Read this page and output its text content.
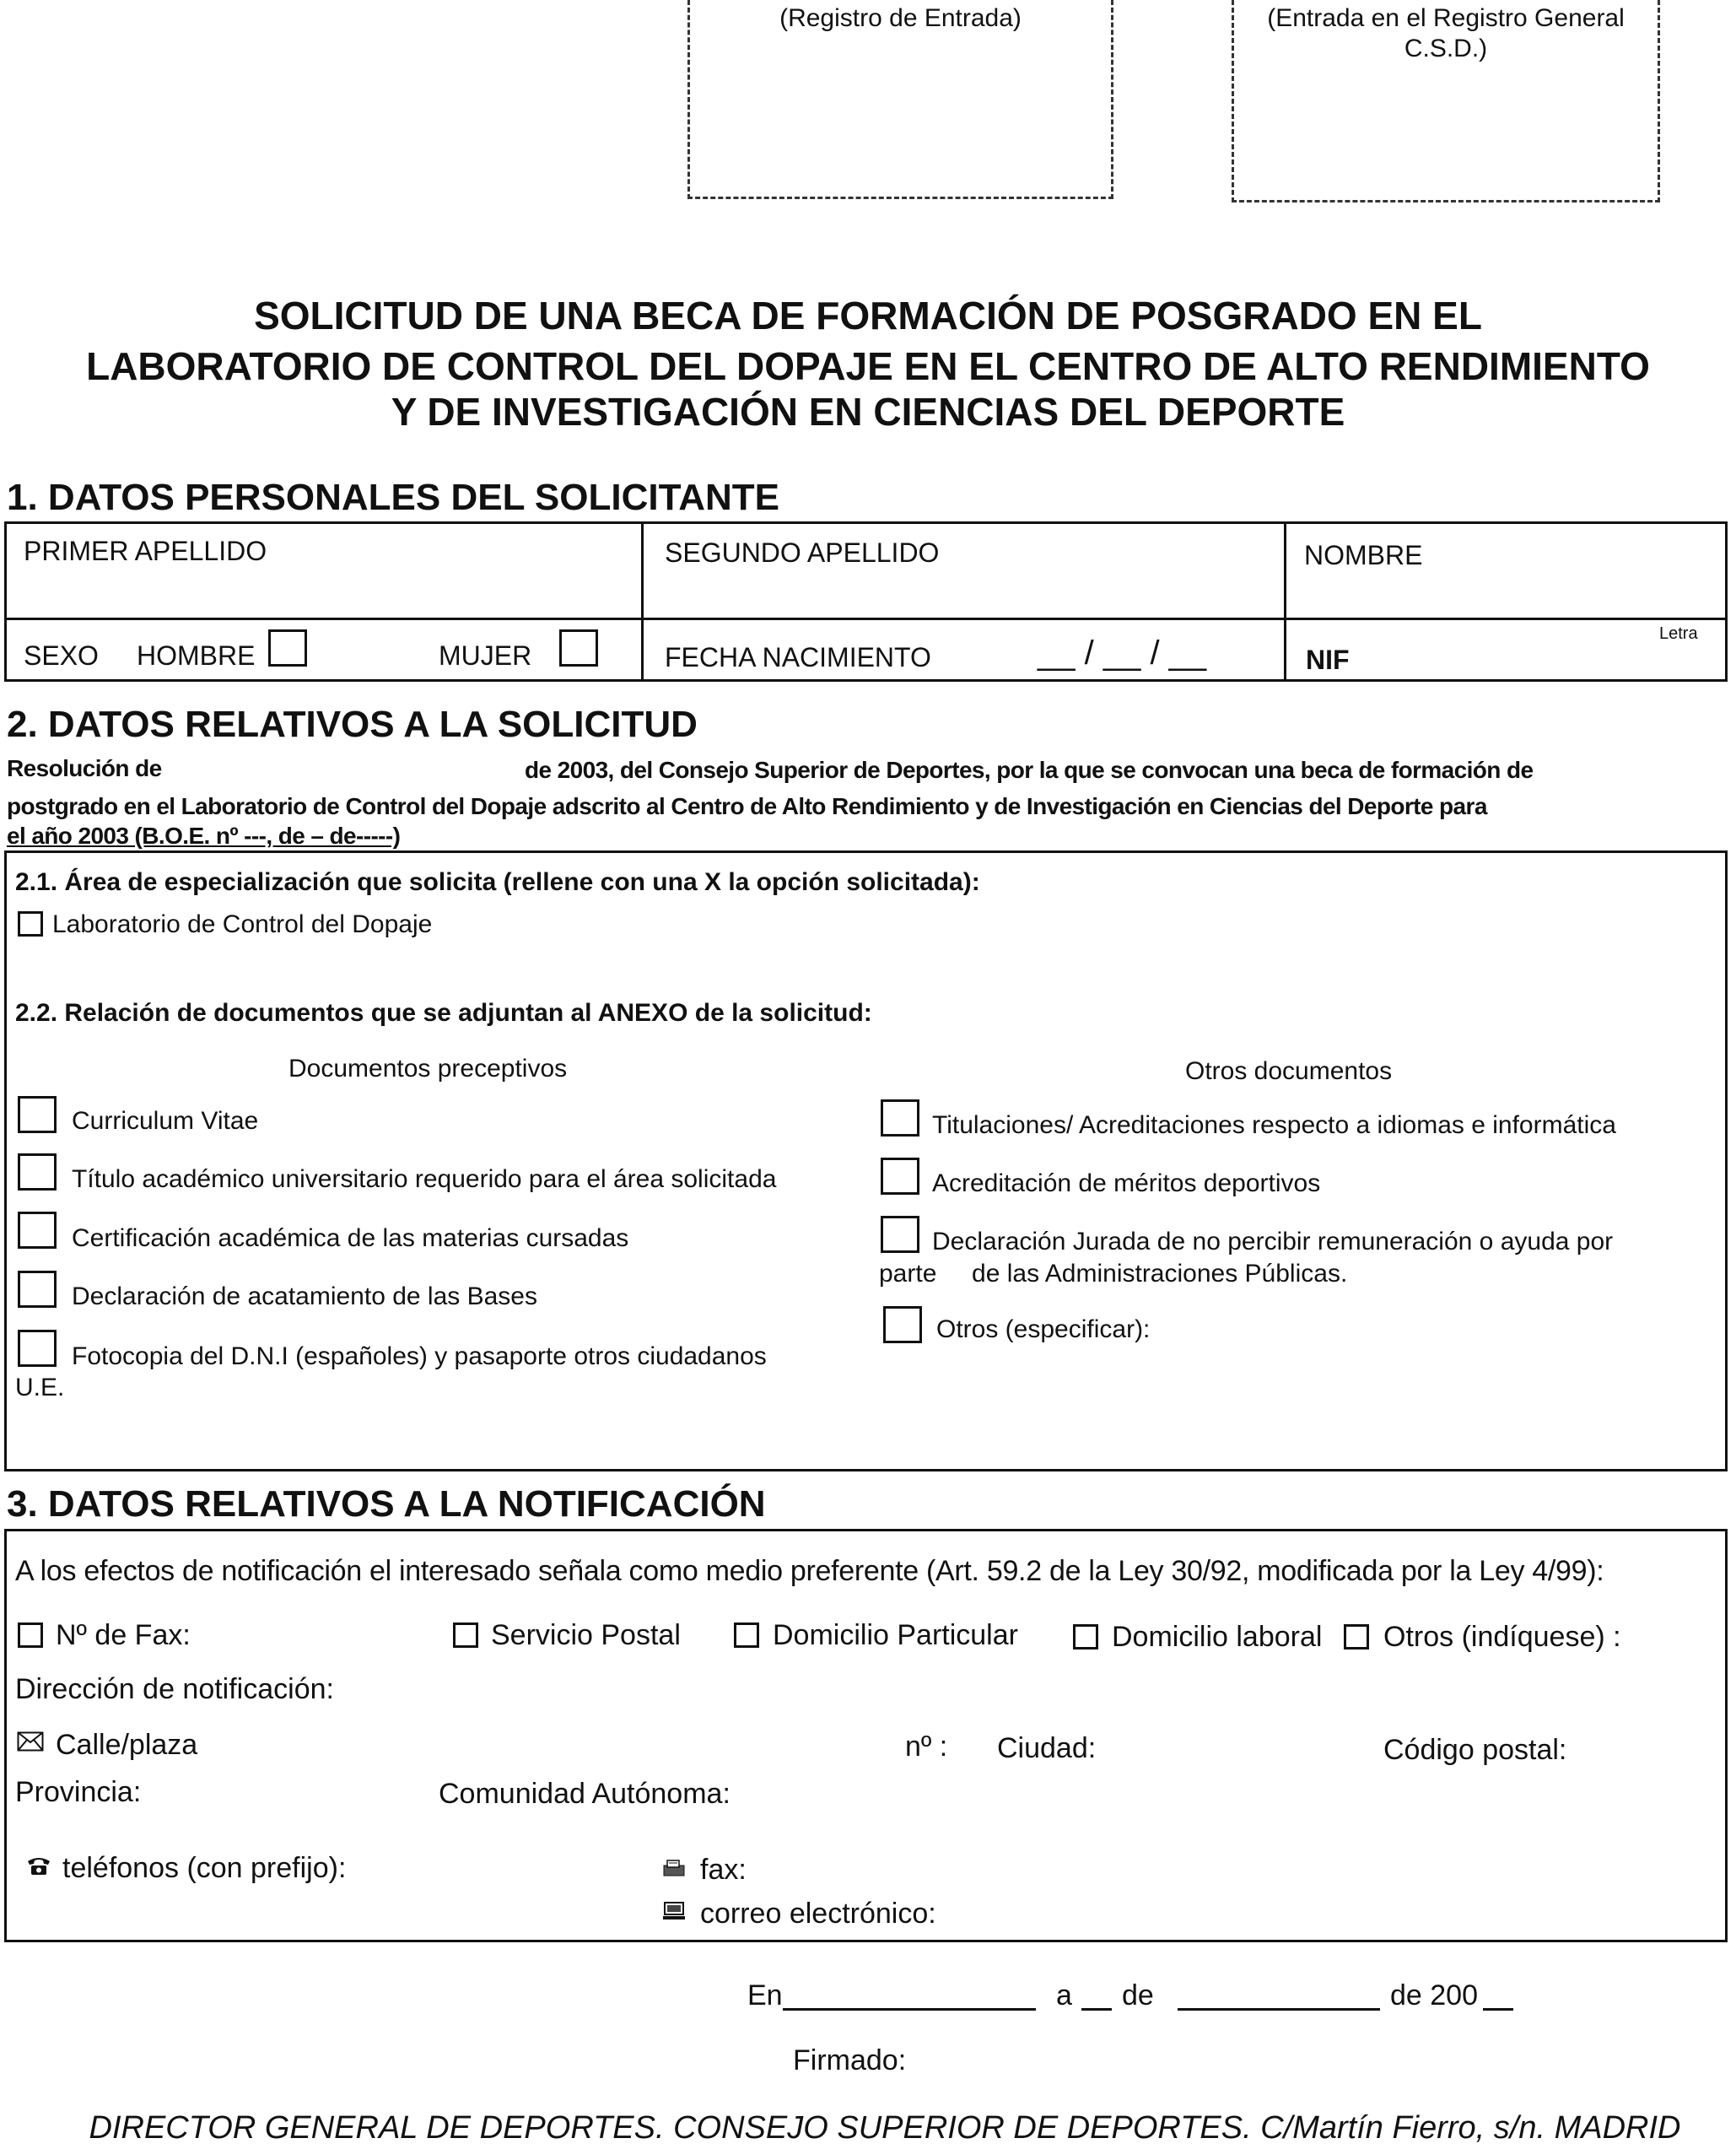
(Registro de Entrada)	(Entrada en el Registro General
C.S.D.)
SOLICITUD DE UNA BECA DE FORMACIÓN DE POSGRADO EN EL
LABORATORIO DE CONTROL DEL DOPAJE EN EL CENTRO DE ALTO RENDIMIENTO
Y DE INVESTIGACIÓN EN CIENCIAS DEL DEPORTE
1. DATOS PERSONALES DEL SOLICITANTE
PRIMER APELLIDO	SEGUNDO APELLIDO	NOMBRE
SEXO HOMBRE	MUJER	FECHA NACIMIENTO	__ / __ / __	NIF
Letra
2. DATOS RELATIVOS A LA SOLICITUD
Resolución de	de 2003, del Consejo Superior de Deportes, por la que se convocan una beca de formación de
postgrado en el Laboratorio de Control del Dopaje adscrito al Centro de Alto Rendimiento y de Investigación en Ciencias del Deporte para
el año 2003 (B.O.E. nº ---, de – de-----)
2.1. Área de especialización que solicita (rellene con una X la opción solicitada):
Laboratorio de Control del Dopaje
2.2. Relación de documentos que se adjuntan al ANEXO de la solicitud:
Documentos preceptivos	Otros documentos
Curriculum Vitae
Título académico universitario requerido para el área solicitada
Certificación académica de las materias cursadas
Declaración de acatamiento de las Bases
Fotocopia del D.N.I (españoles) y pasaporte otros ciudadanos
U.E.
Titulaciones/ Acreditaciones respecto a idiomas e informática
Acreditación de méritos deportivos
Declaración Jurada de no percibir remuneración o ayuda por
parte     de las Administraciones Públicas.
Otros (especificar):
3. DATOS RELATIVOS A LA NOTIFICACIÓN
A los efectos de notificación el interesado señala como medio preferente (Art. 59.2 de la Ley 30/92, modificada por la Ley 4/99):
Nº de Fax:	Servicio Postal	Domicilio Particular	Domicilio laboral Otros (indíquese) :
Dirección de notificación:
Calle/plaza	nº : Ciudad:	Código postal:
Provincia:	Comunidad Autónoma:
teléfonos (con prefijo):	fax:
correo electrónico:
En	a de	de 200
Firmado:
DIRECTOR GENERAL DE DEPORTES. CONSEJO SUPERIOR DE DEPORTES. C/Martín Fierro, s/n. MADRID
